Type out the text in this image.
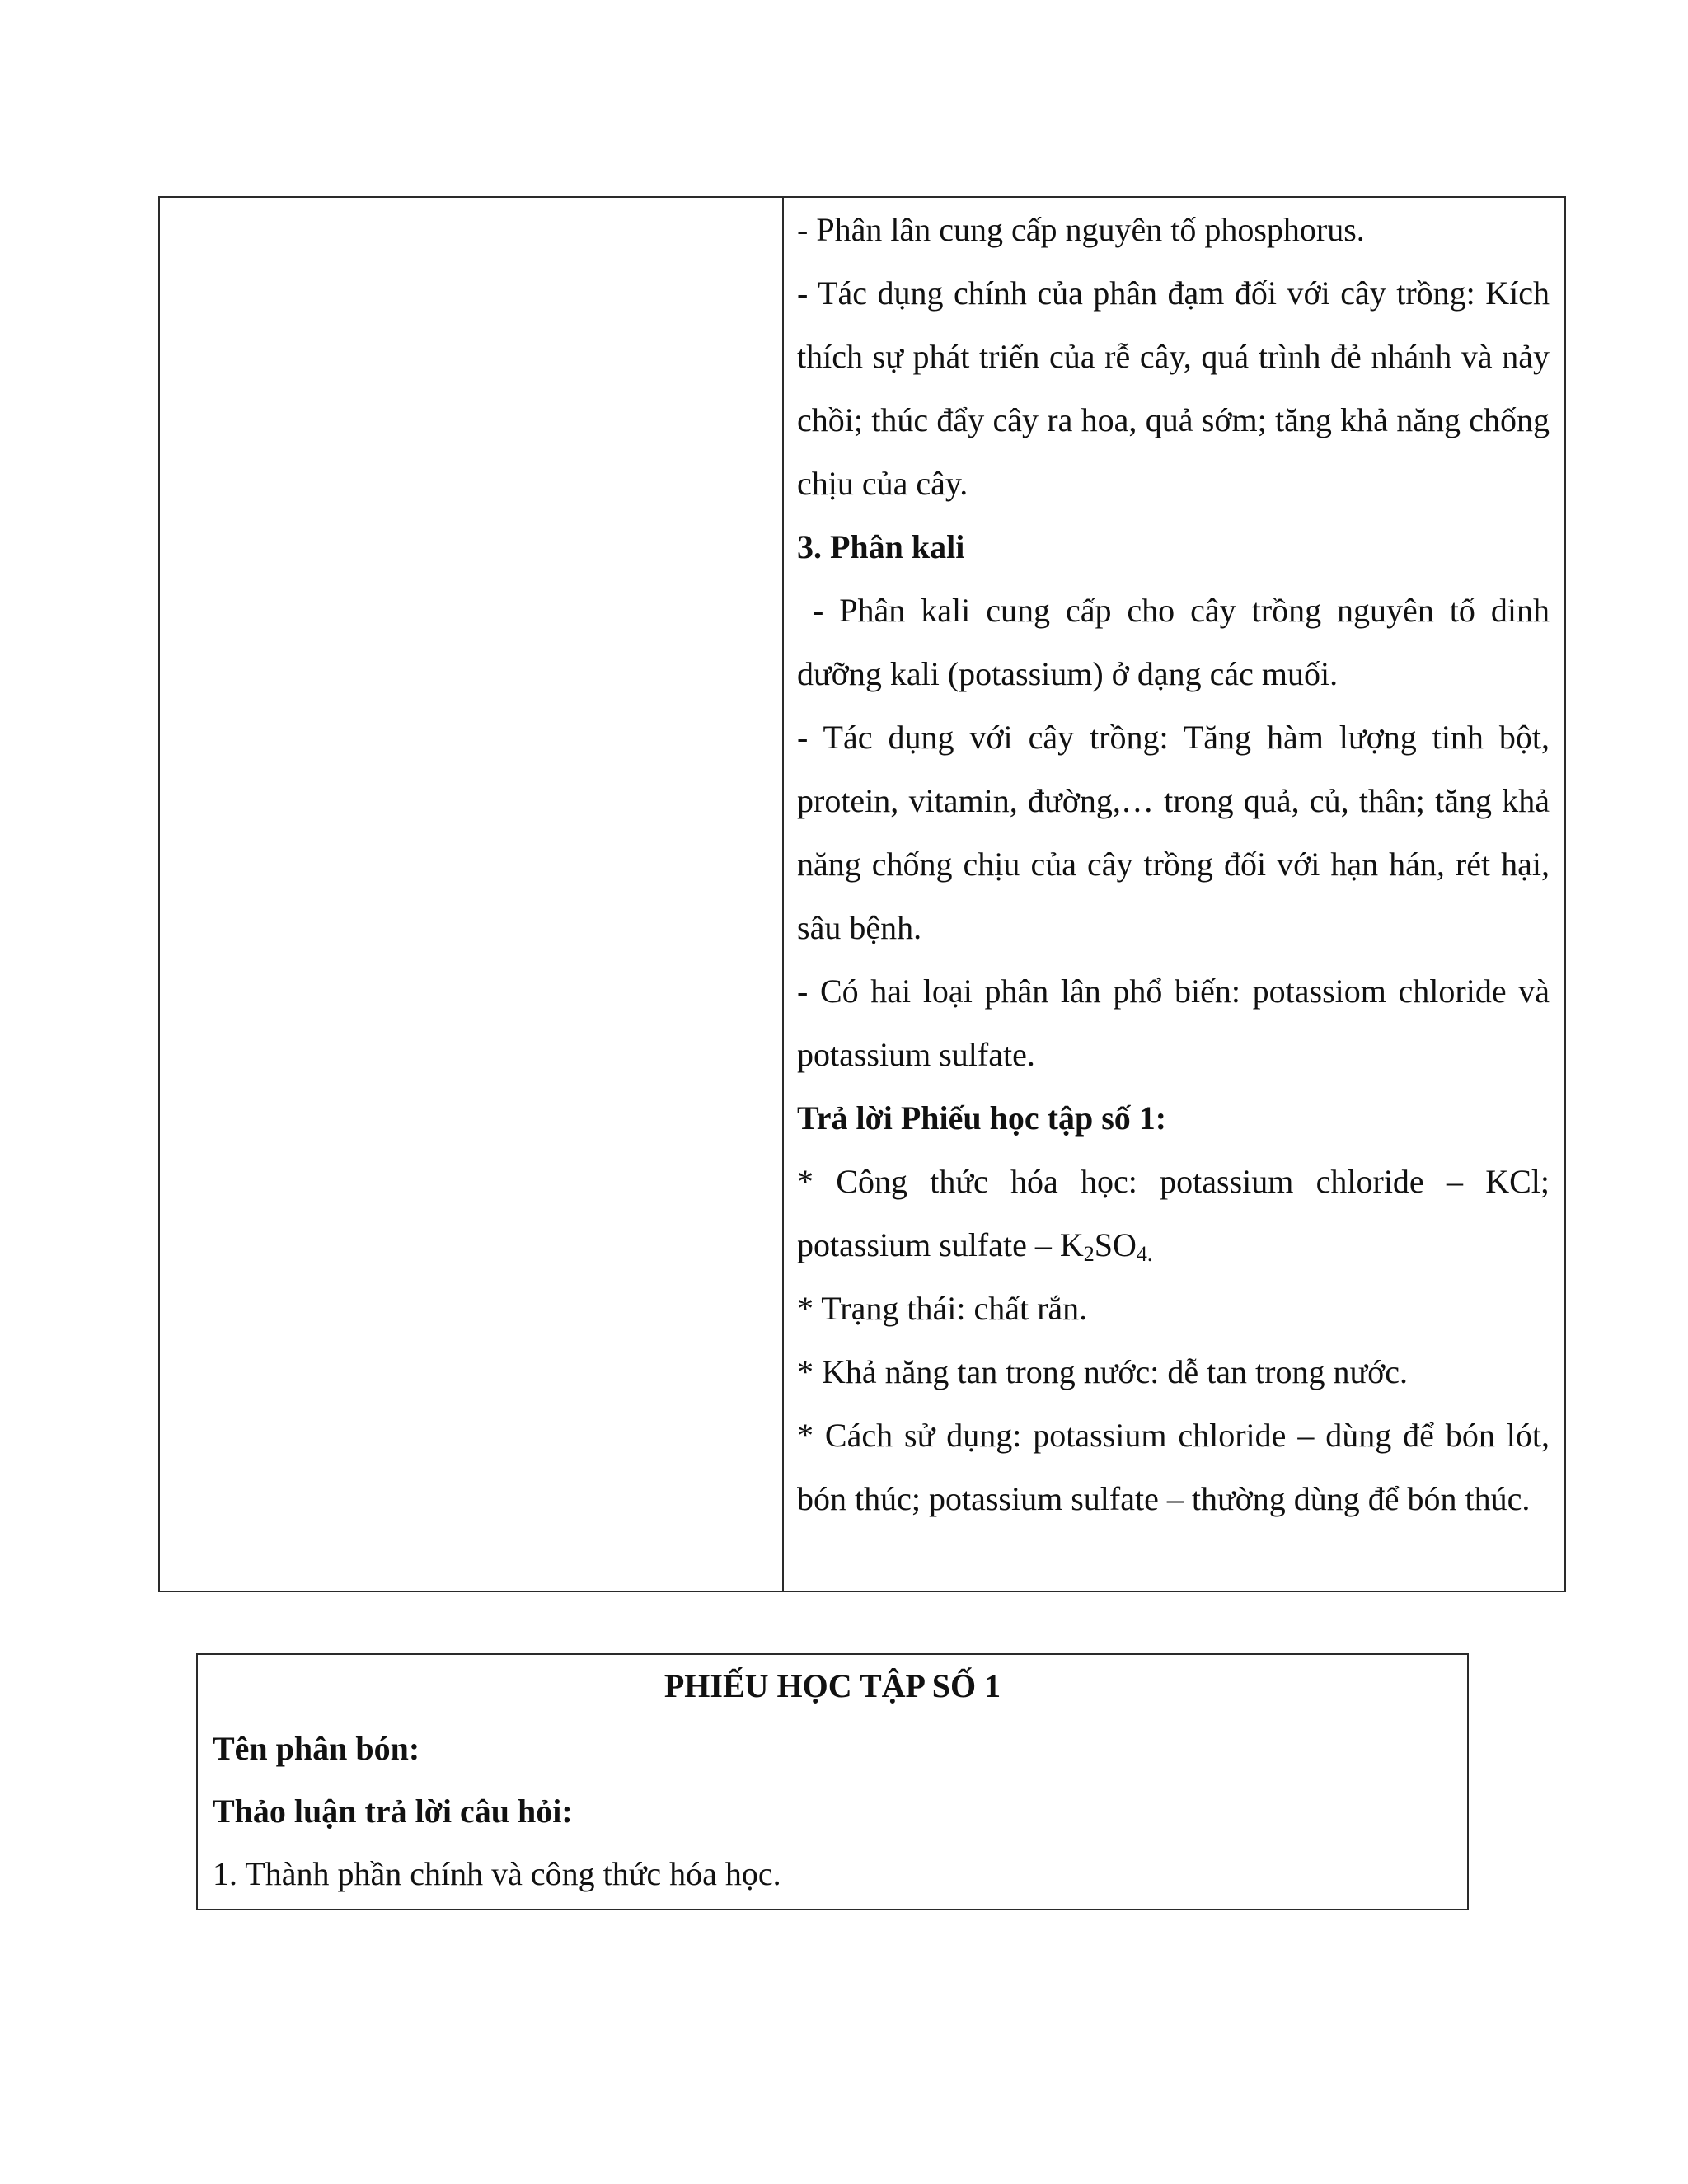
- Phân lân cung cấp nguyên tố phosphorus.

- Tác dụng chính của phân đạm đối với cây trồng: Kích thích sự phát triển của rễ cây, quá trình đẻ nhánh và nảy chồi; thúc đẩy cây ra hoa, quả sớm; tăng khả năng chống chịu của cây.

3. Phân kali

- Phân kali cung cấp cho cây trồng nguyên tố dinh dưỡng kali (potassium) ở dạng các muối.

- Tác dụng với cây trồng: Tăng hàm lượng tinh bột, protein, vitamin, đường,… trong quả, củ, thân; tăng khả năng chống chịu của cây trồng đối với hạn hán, rét hại, sâu bệnh.

- Có hai loại phân lân phổ biến: potassiom chloride và potassium sulfate.

Trả lời Phiếu học tập số 1:

* Công thức hóa học: potassium chloride – KCl; potassium sulfate – $K_2SO_{4.}$

* Trạng thái: chất rắn.

* Khả năng tan trong nước: dễ tan trong nước.

* Cách sử dụng: potassium chloride – dùng để bón lót, bón thúc; potassium sulfate – thường dùng để bón thúc.

PHIẾU HỌC TẬP SỐ 1

Tên phân bón:

Thảo luận trả lời câu hỏi:

1. Thành phần chính và công thức hóa học.
